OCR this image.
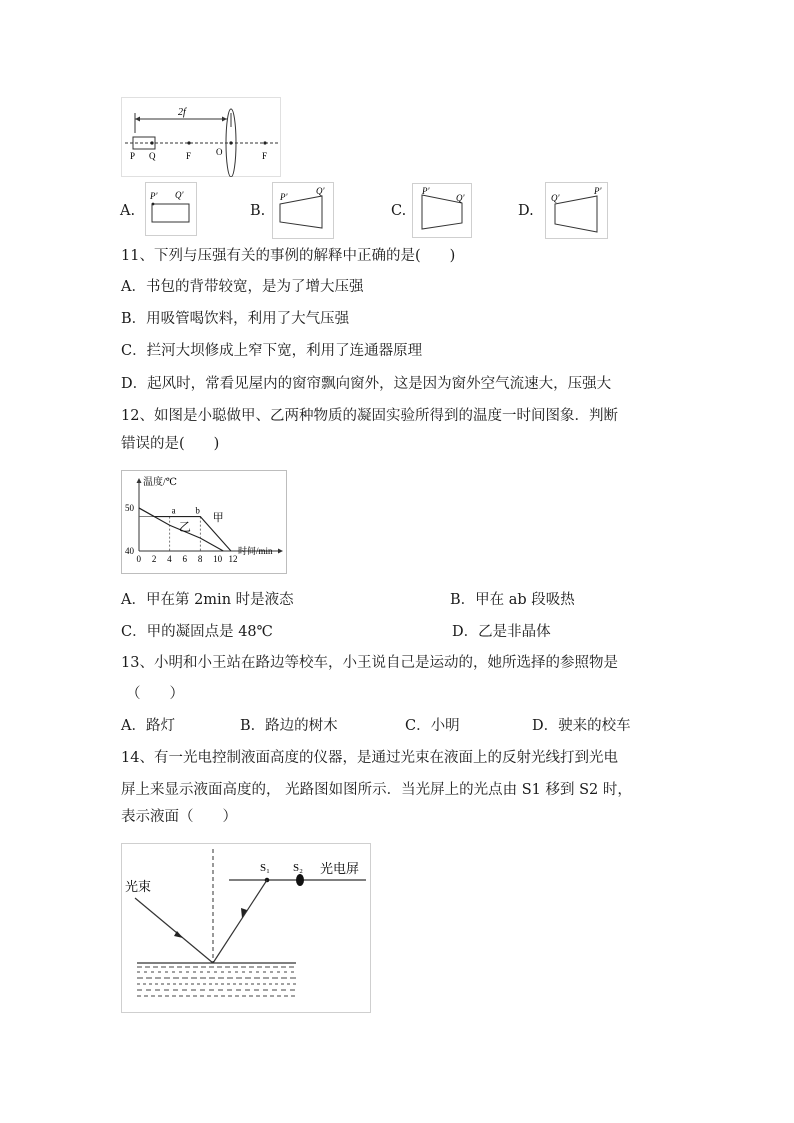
2f
P Q	F	O	F
A.
P' Q'
B.
P'
Q'
C.
P'
Q'
D.
Q'
P'
11、下列与压强有关的事例的解释中正确的是(　　)
A．书包的背带较宽，是为了增大压强
B．用吸管喝饮料，利用了大气压强
C．拦河大坝修成上窄下宽，利用了连通器原理
D．起风时，常看见屋内的窗帘飘向窗外，这是因为窗外空气流速大，压强大
12、如图是小聪做甲、乙两种物质的凝固实验所得到的温度一时间图象．判断
错误的是(　　)
40
50
0 2 4 6 8 10 12
甲
乙
a b
温度/℃
时间/min
A．甲在第 2min 时是液态	B．甲在 ab 段吸热
C．甲的凝固点是 48℃	D．乙是非晶体
13、小明和小王站在路边等校车，小王说自己是运动的，她所选择的参照物是
（　　）
A．路灯	B．路边的树木	C．小明	D．驶来的校车
14、有一光电控制液面高度的仪器，是通过光束在液面上的反射光线打到光电
屏上来显示液面高度的， 光路图如图所示．当光屏上的光点由 S1 移到 S2 时，
表示液面（　　）
光束
S₁ S₂ 光电屏
